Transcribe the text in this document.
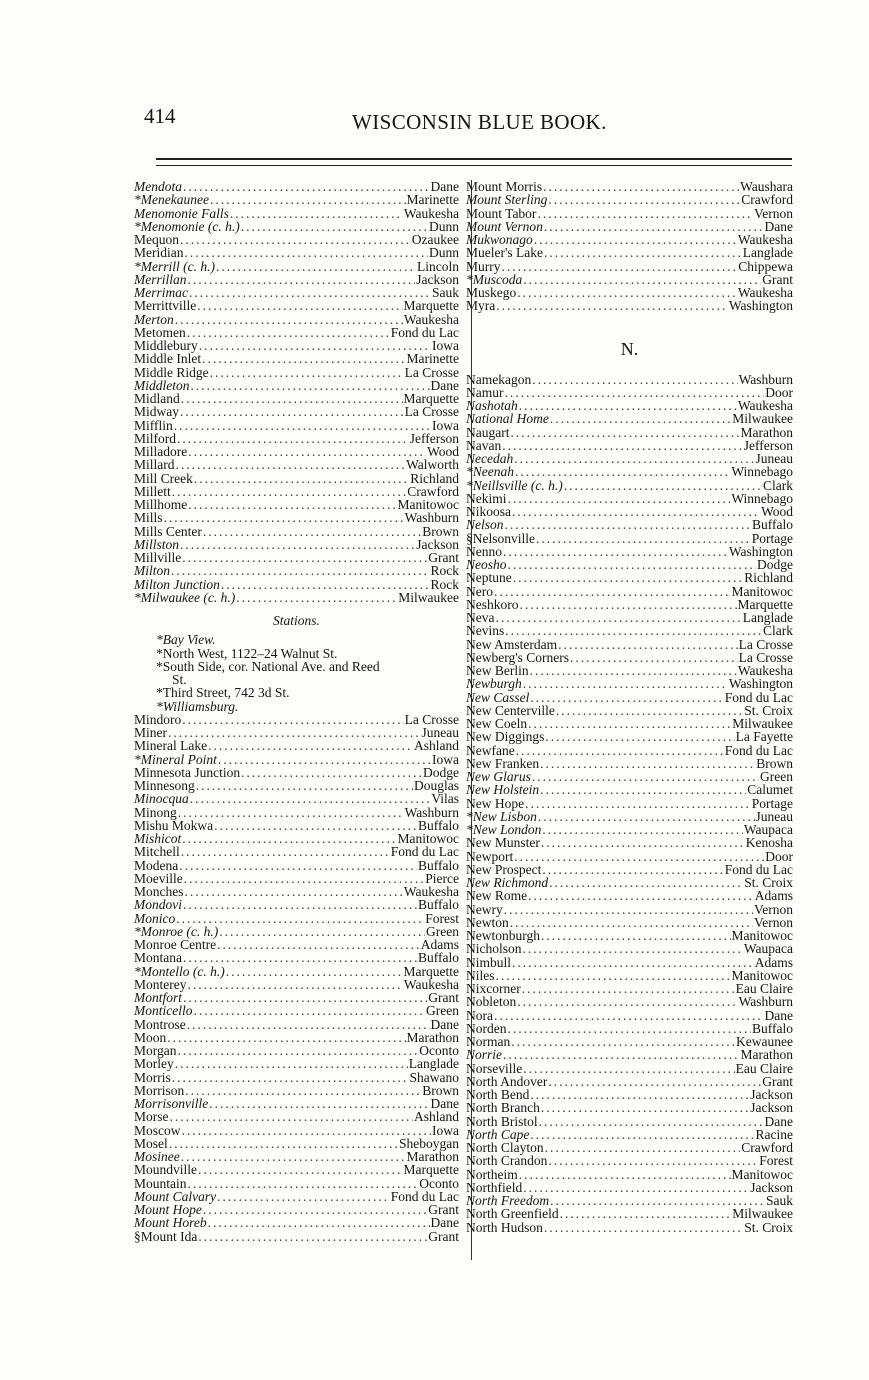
414	WISCONSIN BLUE BOOK.
Mendota .....	Dane
*Menekaunee .....	Marinette
Menomonie Falls .....	Waukesha
*Menomonie (c. h.) .....	Dunn
Mequon .....	Ozaukee
Meridian .....	Dunn
*Merrill (c. h.) .....	Lincoln
Merrillan .....	Jackson
Merrimac .....	Sauk
Merrittville .....	Marquette
Merton .....	Waukesha
Metomen .....	Fond du Lac
Middlebury .....	Iowa
Middle Inlet .....	Marinette
Middle Ridge .....	La Crosse
Middleton .....	Dane
Midland .....	Marquette
Midway .....	La Crosse
Mifflin .....	Iowa
Milford .....	Jefferson
Milladore .....	Wood
Millard .....	Walworth
Mill Creek .....	Richland
Millett .....	Crawford
Millhome .....	Manitowoc
Mills .....	Washburn
Mills Center .....	Brown
Millston .....	Jackson
Millville .....	Grant
Milton .....	Rock
Milton Junction .....	Rock
*Milwaukee (c. h.) .....	Milwaukee
Stations.
*Bay View.
*North West, 1122–24 Walnut St.
*South Side, cor. National Ave. and Reed
St.
*Third Street, 742 3d St.
*Williamsburg.
Mindoro .....	La Crosse
Miner .....	Juneau
Mineral Lake .....	Ashland
*Mineral Point .....	Iowa
Minnesota Junction .....	Dodge
Minnesong .....	Douglas
Minocqua .....	Vilas
Minong .....	Washburn
Mishu Mokwa .....	Buffalo
Mishicot .....	Manitowoc
Mitchell .....	Fond du Lac
Modena .....	Buffalo
Moeville .....	Pierce
Monches .....	Waukesha
Mondovi .....	Buffalo
Monico .....	Forest
*Monroe (c. h.) .....	Green
Monroe Centre .....	Adams
Montana .....	Buffalo
*Montello (c. h.) .....	Marquette
Monterey .....	Waukesha
Montfort .....	Grant
Monticello .....	Green
Montrose .....	Dane
Moon .....	Marathon
Morgan .....	Oconto
Morley .....	Langlade
Morris .....	Shawano
Morrison .....	Brown
Morrisonville .....	Dane
Morse .....	Ashland
Moscow .....	Iowa
Mosel .....	Sheboygan
Mosinee .....	Marathon
Moundville .....	Marquette
Mountain .....	Oconto
Mount Calvary .....	Fond du Lac
Mount Hope .....	Grant
Mount Horeb .....	Dane
§Mount Ida .....	Grant
Mount Morris .....	Waushara
Mount Sterling .....	Crawford
Mount Tabor .....	Vernon
Mount Vernon .....	Dane
Mukwonago .....	Waukesha
Mueler's Lake .....	Langlade
Murry .....	Chippewa
*Muscoda .....	Grant
Muskego .....	Waukesha
Myra .....	Washington
N.
Namekagon .....	Washburn
Namur .....	Door
Nashotah .....	Waukesha
National Home .....	Milwaukee
Naugart .....	Marathon
Navan .....	Jefferson
Necedah .....	Juneau
*Neenah .....	Winnebago
*Neillsville (c. h.) .....	Clark
Nekimi .....	Winnebago
Nikoosa .....	Wood
Nelson .....	Buffalo
§Nelsonville .....	Portage
Nenno .....	Washington
Neosho .....	Dodge
Neptune .....	Richland
Nero .....	Manitowoc
Neshkoro .....	Marquette
Neva .....	Langlade
Nevins .....	Clark
New Amsterdam .....	La Crosse
Newberg's Corners .....	La Crosse
New Berlin .....	Waukesha
Newburgh .....	Washington
New Cassel .....	Fond du Lac
New Centerville .....	St. Croix
New Coeln .....	Milwaukee
New Diggings .....	La Fayette
Newfane .....	Fond du Lac
New Franken .....	Brown
New Glarus .....	Green
New Holstein .....	Calumet
New Hope .....	Portage
*New Lisbon .....	Juneau
*New London .....	Waupaca
New Munster .....	Kenosha
Newport .....	Door
New Prospect .....	Fond du Lac
New Richmond .....	St. Croix
New Rome .....	Adams
Newry .....	Vernon
Newton .....	Vernon
Newtonburgh .....	Manitowoc
Nicholson .....	Waupaca
Nimbull .....	Adams
Niles .....	Manitowoc
Nixcorner .....	Eau Claire
Nobleton .....	Washburn
Nora .....	Dane
Norden .....	Buffalo
Norman .....	Kewaunee
Norrie .....	Marathon
Norseville .....	Eau Claire
North Andover .....	Grant
North Bend .....	Jackson
North Branch .....	Jackson
North Bristol .....	Dane
North Cape .....	Racine
North Clayton .....	Crawford
North Crandon .....	Forest
Northeim .....	Manitowoc
Northfield .....	Jackson
North Freedom .....	Sauk
North Greenfield .....	Milwaukee
North Hudson .....	St. Croix
